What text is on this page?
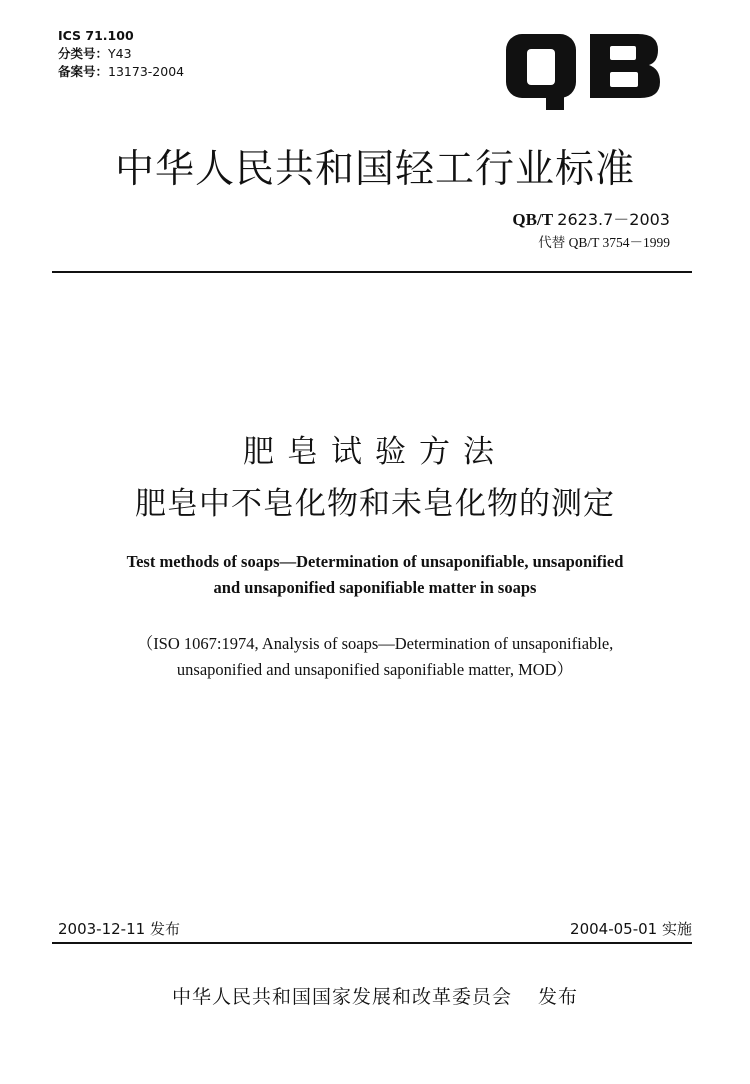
ICS 71.100
分类号：Y43
备案号：13173-2004
中华人民共和国轻工行业标准
QB/T 2623.7－2003
代替 QB/T 3754－1999
肥皂试验方法
肥皂中不皂化物和未皂化物的测定
Test methods of soaps—Determination of unsaponifiable, unsaponified
and unsaponified saponifiable matter in soaps
（ISO 1067:1974, Analysis of soaps—Determination of unsaponifiable,
unsaponified and unsaponified saponifiable matter, MOD）
2003-12-11 发布	2004-05-01 实施
中华人民共和国国家发展和改革委员会 发布
